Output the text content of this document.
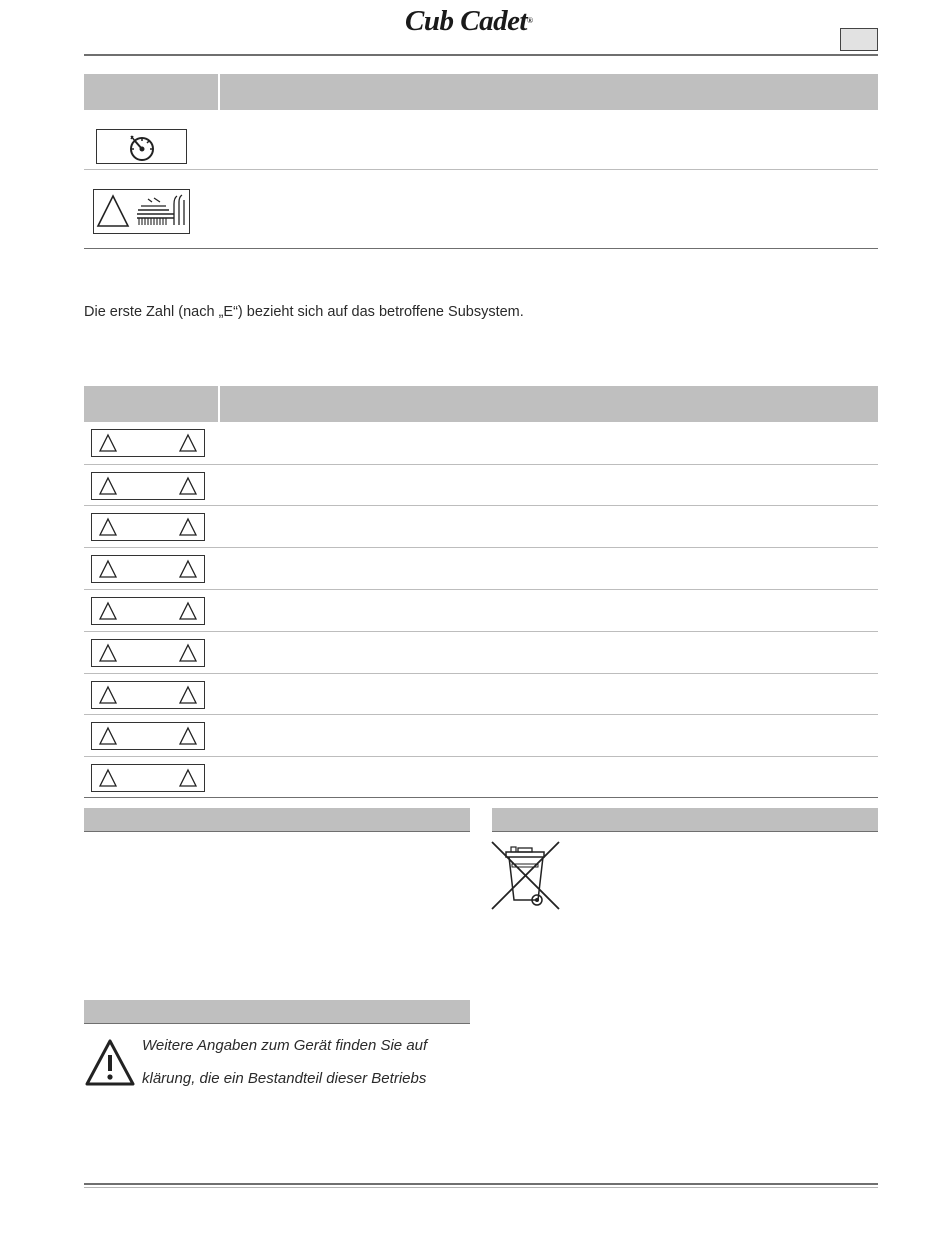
Cub Cadet®
Die erste Zahl (nach „E“) bezieht sich auf das betroffene Subsystem.
Weitere Angaben zum Gerät finden Sie auf
klärung, die ein Bestandteil dieser Betriebs
